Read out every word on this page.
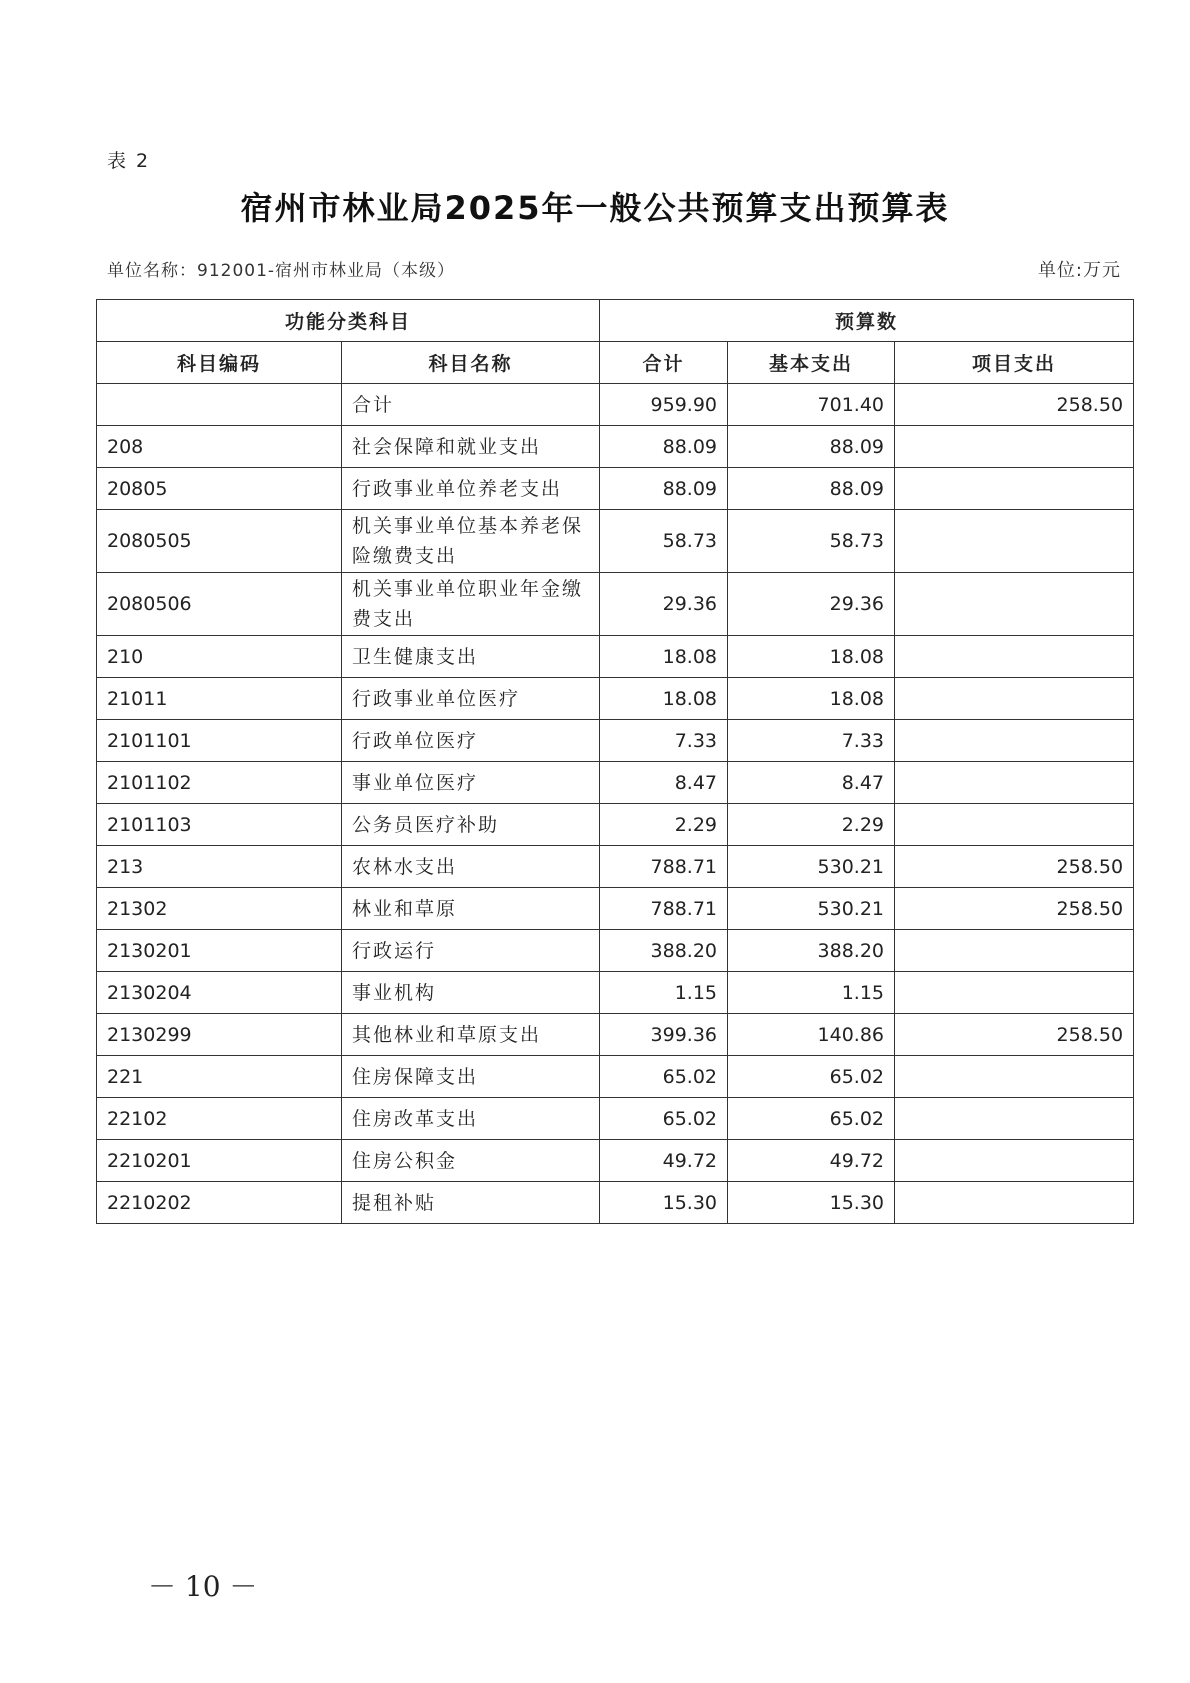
表 2
宿州市林业局2025年一般公共预算支出预算表
单位名称：912001-宿州市林业局（本级）	单位:万元
功能分类科目		预算数		
科目编码	科目名称	合计	基本支出	项目支出
	合计	959.90	701.40	258.50
208	社会保障和就业支出	88.09	88.09	
20805	行政事业单位养老支出	88.09	88.09	
2080505	机关事业单位基本养老保险缴费支出	58.73	58.73	
2080506	机关事业单位职业年金缴费支出	29.36	29.36	
210	卫生健康支出	18.08	18.08	
21011	行政事业单位医疗	18.08	18.08	
2101101	行政单位医疗	7.33	7.33	
2101102	事业单位医疗	8.47	8.47	
2101103	公务员医疗补助	2.29	2.29	
213	农林水支出	788.71	530.21	258.50
21302	林业和草原	788.71	530.21	258.50
2130201	行政运行	388.20	388.20	
2130204	事业机构	1.15	1.15	
2130299	其他林业和草原支出	399.36	140.86	258.50
221	住房保障支出	65.02	65.02	
22102	住房改革支出	65.02	65.02	
2210201	住房公积金	49.72	49.72	
2210202	提租补贴	15.30	15.30	
－ 10 －
